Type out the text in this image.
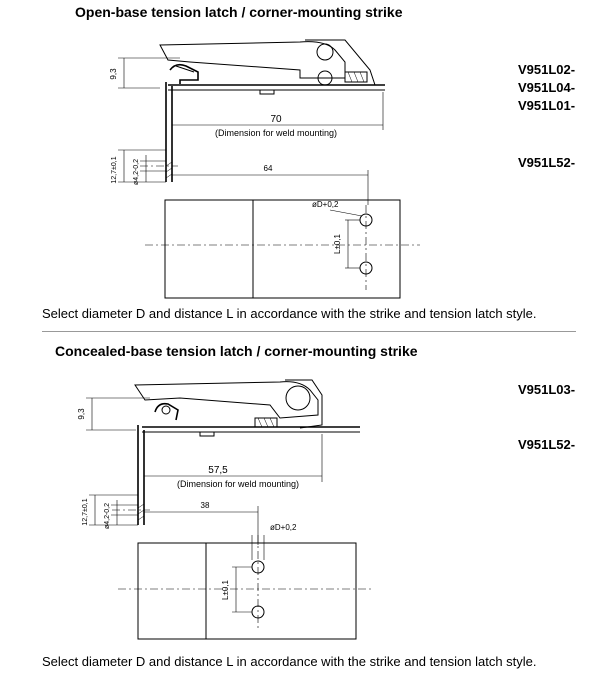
Open-base tension latch / corner-mounting strike
V951L02-
V951L04-
V951L01-
V951L52-
Select diameter D and distance L in accordance with the strike and tension latch style.
Concealed-base tension latch / corner-mounting strike
V951L03-
V951L52-
Select diameter D and distance L in accordance with the strike and tension latch style.
9,3
70
(Dimension for weld mounting)
64
12,7±0,1 ø4,2-0,2
L±0,1
øD+0,2
9,3
57,5
(Dimension for weld mounting)
38
12,7±0,1 ø4,2-0,2
L±0,1
øD+0,2
